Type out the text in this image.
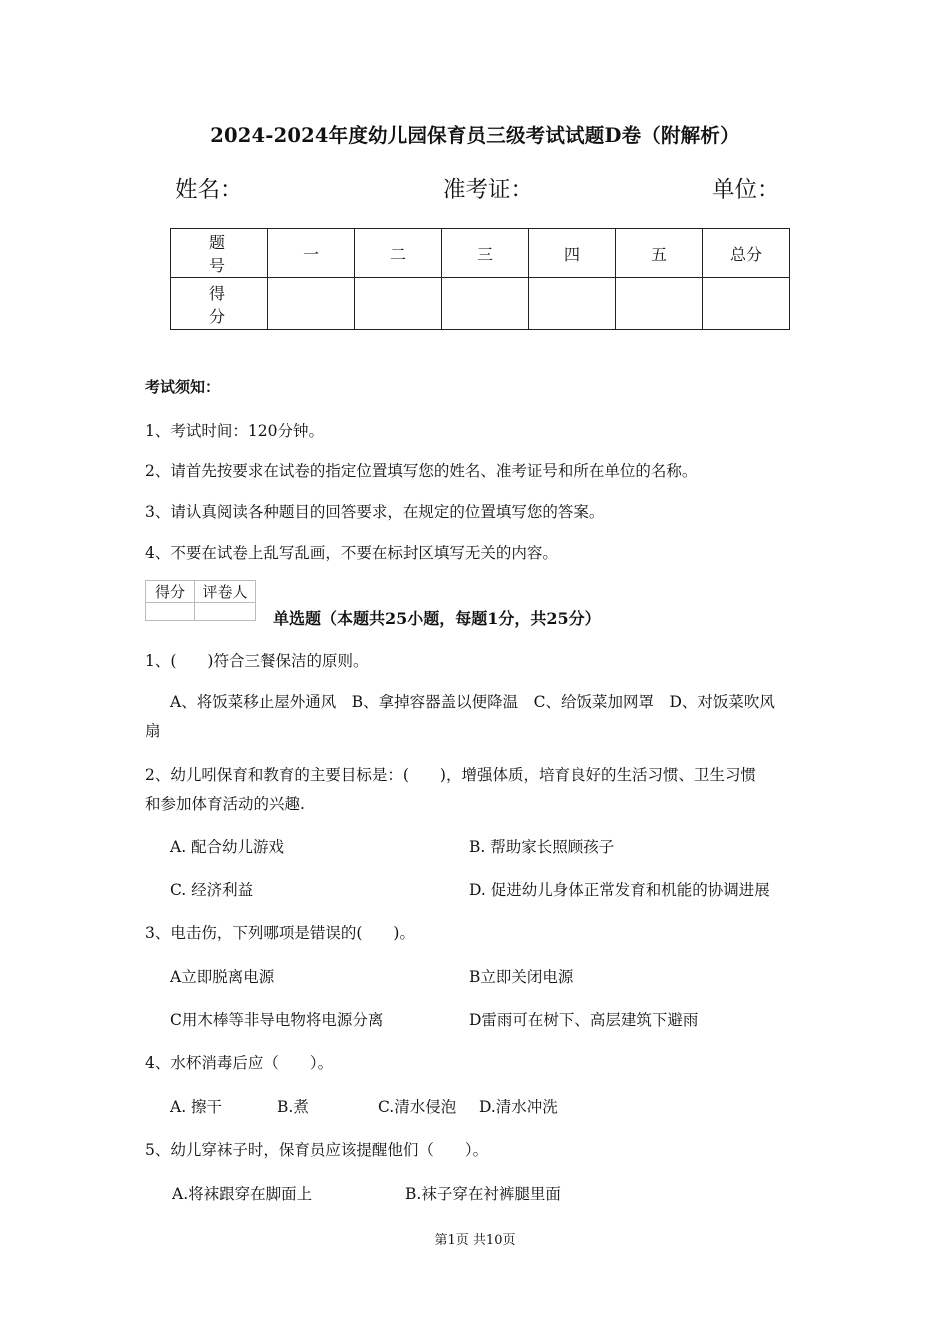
2024-2024年度幼儿园保育员三级考试试题D卷（附解析）
姓名：	准考证：	单位：
题　号	一	二	三	四	五	总分
得　分						
考试须知：
1、考试时间：120分钟。
2、请首先按要求在试卷的指定位置填写您的姓名、准考证号和所在单位的名称。
3、请认真阅读各种题目的回答要求，在规定的位置填写您的答案。
4、不要在试卷上乱写乱画，不要在标封区填写无关的内容。
得分	评卷人

单选题（本题共25小题，每题1分，共25分）
1、(　　)符合三餐保洁的原则。
A、将饭菜移止屋外通风　B、拿掉容器盖以便降温　C、给饭菜加网罩　D、对饭菜吹风
扇
2、幼儿吲保育和教育的主要目标是：(　　)，增强体质，培育良好的生活习惯、卫生习惯
和参加体育活动的兴趣.
A. 配合幼儿游戏	B. 帮助家长照顾孩子
C. 经济利益	D. 促进幼儿身体正常发育和机能的协调进展
3、电击伤，下列哪项是错误的(　　)。
A立即脱离电源	B立即关闭电源
C用木棒等非导电物将电源分离	D雷雨可在树下、高层建筑下避雨
4、水杯消毒后应（　　）。
A. 擦干	B.煮	C.清水侵泡 D.清水冲洗
5、幼儿穿袜子时，保育员应该提醒他们（　　）。
A.将袜跟穿在脚面上	B.袜子穿在衬裤腿里面
第1页 共10页
